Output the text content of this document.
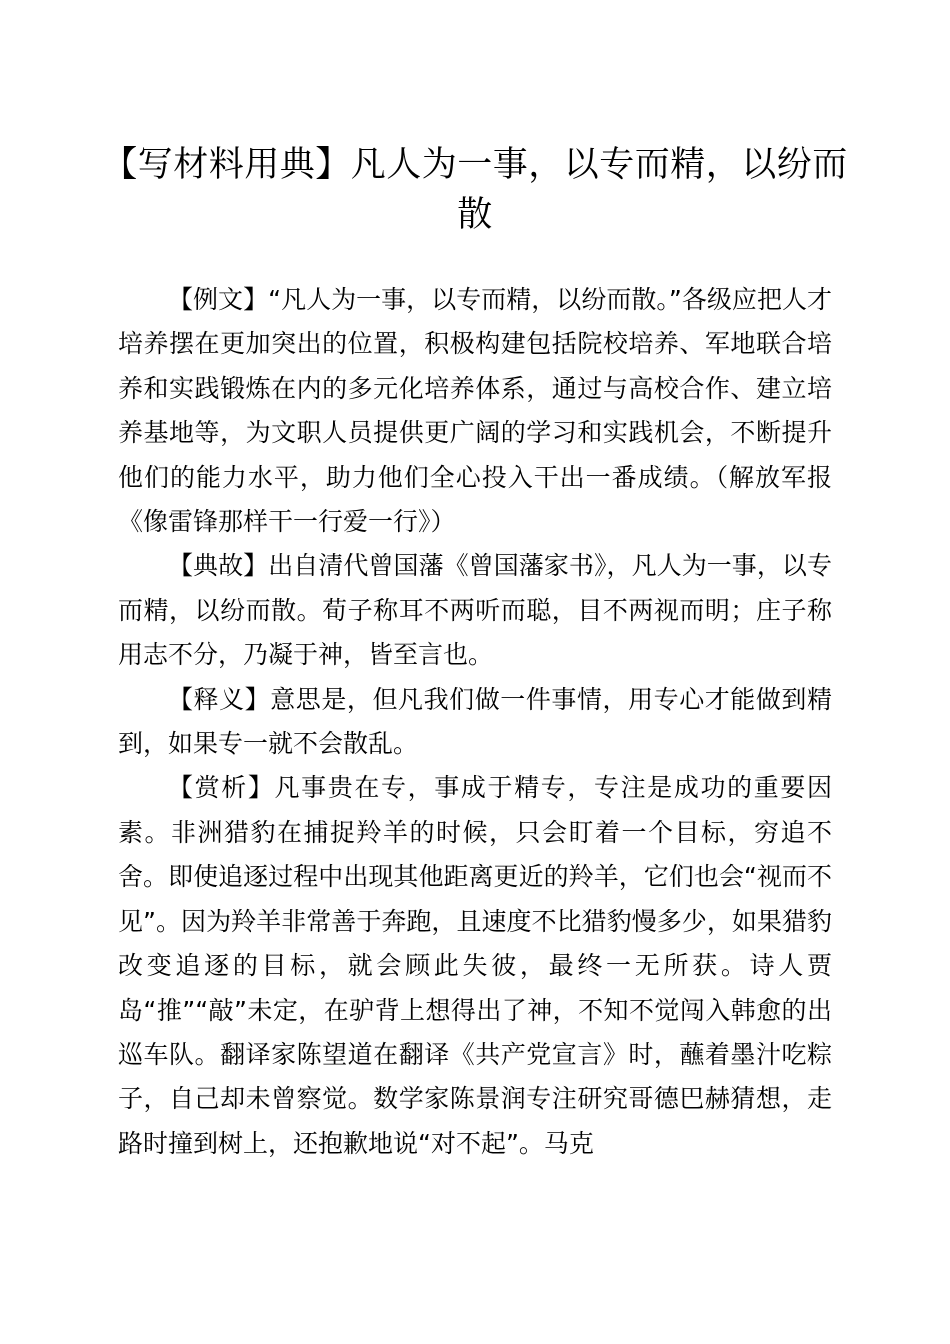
【写材料用典】凡人为一事，以专而精，以纷而散

【例文】“凡人为一事，以专而精，以纷而散。”各级应把人才培养摆在更加突出的位置，积极构建包括院校培养、军地联合培养和实践锻炼在内的多元化培养体系，通过与高校合作、建立培养基地等，为文职人员提供更广阔的学习和实践机会，不断提升他们的能力水平，助力他们全心投入干出一番成绩。（解放军报《像雷锋那样干一行爱一行》）

【典故】出自清代曾国藩《曾国藩家书》，凡人为一事，以专而精，以纷而散。荀子称耳不两听而聪，目不两视而明；庄子称用志不分，乃凝于神，皆至言也。

【释义】意思是，但凡我们做一件事情，用专心才能做到精到，如果专一就不会散乱。

【赏析】凡事贵在专，事成于精专，专注是成功的重要因素。非洲猎豹在捕捉羚羊的时候，只会盯着一个目标，穷追不舍。即使追逐过程中出现其他距离更近的羚羊，它们也会“视而不见”。因为羚羊非常善于奔跑，且速度不比猎豹慢多少，如果猎豹改变追逐的目标，就会顾此失彼，最终一无所获。诗人贾岛“推”“敲”未定，在驴背上想得出了神，不知不觉闯入韩愈的出巡车队。翻译家陈望道在翻译《共产党宣言》时，蘸着墨汁吃粽子，自己却未曾察觉。数学家陈景润专注研究哥德巴赫猜想，走路时撞到树上，还抱歉地说“对不起”。马克
